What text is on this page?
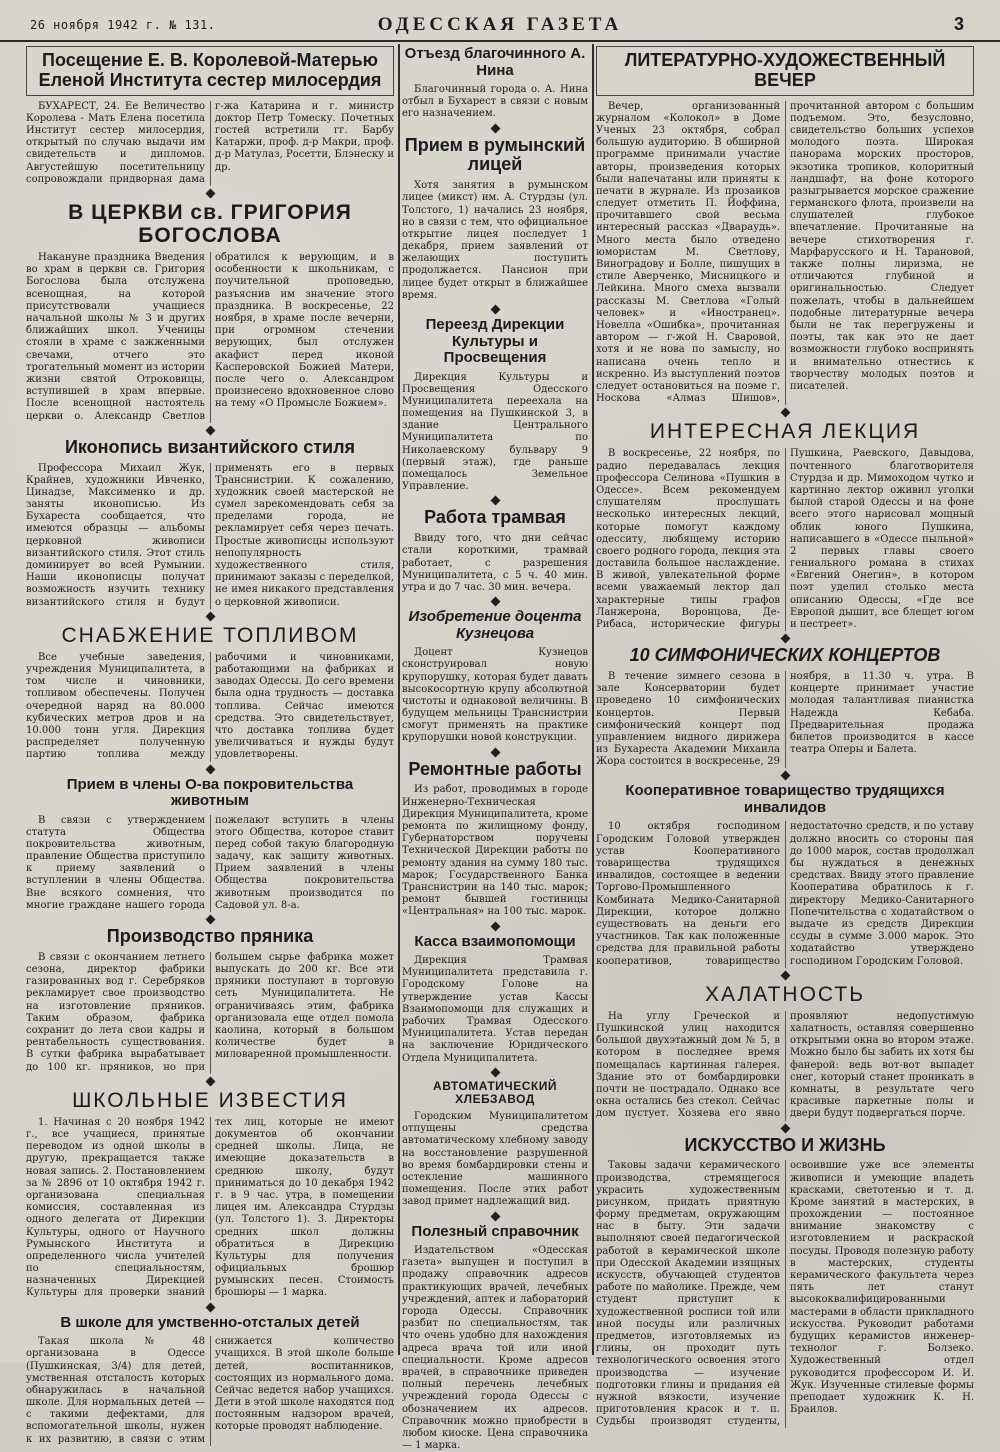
26 ноября 1942 г. № 131.	ОДЕССКАЯ ГАЗЕТА	3
Посещение Е. В. Королевой-Матерью Еленой Института сестер милосердия

БУХАРЕСТ, 24. Ее Величество Королева - Мать Елена посетила Институт сестер милосердия, открытый по случаю выдачи им свидетельств и дипломов. Августейшую посетительницу сопровождали придворная дама г-жа Катарина и г. министр доктор Петр Томеску. Почетных гостей встретили гг. Барбу Катаржи, проф. д-р Макри, проф. д-р Матулаз, Росетти, Блэнеску и др.

В ЦЕРКВИ св. ГРИГОРИЯ БОГОСЛОВА

Накануне праздника Введения во храм в церкви св. Григория Богослова была отслужена всенощная, на которой присутствовали учащиеся начальной школы № 3 и других ближайших школ. Ученицы стояли в храме с зажженными свечами, отчего это трогательный момент из истории жизни святой Отроковицы, вступившей в храм впервые. После всенощной настоятель церкви о. Александр Светлов обратился к верующим, и в особенности к школьникам, с поучительной проповедью, разъяснив им значение этого праздника. В воскресенье, 22 ноября, в храме после вечерни, при огромном стечении верующих, был отслужен акафист перед иконой Касперовской Божией Матери, после чего о. Александром произнесено вдохновенное слово на тему «О Промысле Божием».

Иконопись византийского стиля

Профессора Михаил Жук, Крайнев, художники Ивченко, Цинадзе, Максименко и др. заняты иконописью. Из Бухареста сообщается, что имеются образцы — альбомы церковной живописи византийского стиля. Этот стиль доминирует во всей Румынии. Наши иконописцы получат возможность изучить технику византийского стиля и будут применять его в первых Транснистрии. К сожалению, художник своей мастерской не сумел зарекомендовать себя за пределами города, не рекламирует себя через печать. Простые живописцы используют непопулярность художественного стиля, принимают заказы с переделкой, не имея никакого представления о церковной живописи.

СНАБЖЕНИЕ ТОПЛИВОМ

Все учебные заведения, учреждения Муниципалитета, в том числе и чиновники, топливом обеспечены. Получен очередной наряд на 80.000 кубических метров дров и на 10.000 тонн угля. Дирекция распределяет полученную партию топлива между рабочими и чиновниками, работающими на фабриках и заводах Одессы. До сего времени была одна трудность — доставка топлива. Сейчас имеются средства. Это свидетельствует, что доставка топлива будет увеличиваться и нужды будут удовлетворены.

Прием в члены О-ва покровительства животным

В связи с утверждением статута Общества покровительства животным, правление Общества приступило к приему заявлений о вступлении в члены Общества. Вне всякого сомнения, что многие граждане нашего города пожелают вступить в члены этого Общества, которое ставит перед собой такую благородную задачу, как защиту животных. Прием заявлений в члены Общества покровительства животным производится по Садовой ул. 8-а.

Производство пряника

В связи с окончанием летнего сезона, директор фабрики газированных вод г. Серебряков рекламирует свое производство на изготовление пряников. Таким образом, фабрика сохранит до лета свои кадры и рентабельность существования. В сутки фабрика вырабатывает до 100 кг. пряников, но при большем сырье фабрика может выпускать до 200 кг. Все эти пряники поступают в торговую сеть Муниципалитета. Не ограничиваясь этим, фабрика организовала еще отдел помола каолина, который в большом количестве будет в миловаренной промышленности.

ШКОЛЬНЫЕ ИЗВЕСТИЯ

1. Начиная с 20 ноября 1942 г., все учащиеся, принятые переводом из одной школы в другую, прекращается также новая запись. 2. Постановлением за № 2896 от 10 октября 1942 г. организована специальная комиссия, составленная из одного делегата от Дирекции Культуры, одного от Научного Румынского Института и определенного числа учителей по специальностям, назначенных Дирекцией Культуры для проверки знаний тех лиц, которые не имеют документов об окончании средней школы. Лица, не имеющие доказательств в среднюю школу, будут приниматься до 10 декабря 1942 г. в 9 час. утра, в помещении лицея им. Александра Стурдзы (ул. Толстого 1). 3. Директоры средних школ должны обратиться в Дирекцию Культуры для получения официальных брошюр румынских песен. Стоимость брошюры — 1 марка.

В школе для умственно-отсталых детей

Такая школа № 48 организована в Одессе (Пушкинская, 3/4) для детей, умственная отсталость которых обнаружилась в начальной школе. Для нормальных детей — с такими дефектами, для вспомогательной школы, нужен к их развитию, в связи с этим снижается количество учащихся. В этой школе больше детей, воспитанников, состоящих из нормального дома. Сейчас ведется набор учащихся. Дети в этой школе находятся под постоянным надзором врачей, которые проводят наблюдение.

Отъезд благочинного А. Нина

Благочинный города о. А. Нина отбыл в Бухарест в связи с новым его назначением.

Прием в румынский лицей

Хотя занятия в румынском лицее (микст) им. А. Стурдзы (ул. Толстого, 1) начались 23 ноября, но в связи с тем, что официальное открытие лицея последует 1 декабря, прием заявлений от желающих поступить продолжается. Пансион при лицее будет открыт в ближайшее время.

Переезд Дирекции Культуры и Просвещения

Дирекция Культуры и Просвещения Одесского Муниципалитета переехала на помещения на Пушкинской 3, в здание Центрального Муниципалитета по Николаевскому бульвару 9 (первый этаж), где раньше помещалось Земельное Управление.

Работа трамвая

Ввиду того, что дни сейчас стали короткими, трамвай работает, с разрешения Муниципалитета, с 5 ч. 40 мин. утра и до 7 час. 30 мин. вечера.

Изобретение доцента Кузнецова

Доцент Кузнецов сконструировал новую крупорушку, которая будет давать высокосортную крупу абсолютной чистоты и однаковой величины. В будущем мельницы Транснистрии смогут применять на практике крупорушки новой конструкции.

Ремонтные работы

Из работ, проводимых в городе Инженерно-Техническая Дирекция Муниципалитета, кроме ремонта по жилищному фонду, Губернаторством поручены Технической Дирекции работы по ремонту здания на сумму 180 тыс. марок; Государственного Банка Транснистрии на 140 тыс. марок; ремонт бывшей гостиницы «Центральная» на 100 тыс. марок.

Касса взаимопомощи

Дирекция Трамвая Муниципалитета представила г. Городскому Голове на утверждение устав Кассы Взаимопомощи для служащих и рабочих Трамвая Одесского Муниципалитета. Устав передан на заключение Юридического Отдела Муниципалитета.

АВТОМАТИЧЕСКИЙ ХЛЕБЗАВОД

Городским Муниципалитетом отпущены средства автоматическому хлебному заводу на восстановление разрушенной во время бомбардировки стены и остекление машинного помещения. После этих работ завод примет надлежащий вид.

Полезный справочник

Издательством «Одесская газета» выпущен и поступил в продажу справочник адресов практикующих врачей, лечебных учреждений, аптек и лабораторий города Одессы. Справочник разбит по специальностям, так что очень удобно для нахождения адреса врача той или иной специальности. Кроме адресов врачей, в справочнике приведен полный перечень лечебных учреждений города Одессы с обозначением их адресов. Справочник можно приобрести в любом киоске. Цена справочника — 1 марка.

ЛИТЕРАТУРНО-ХУДОЖЕСТВЕННЫЙ ВЕЧЕР

Вечер, организованный журналом «Колокол» в Доме Ученых 23 октября, собрал большую аудиторию. В обширной программе принимали участие авторы, произведения которых были напечатаны или приняты к печати в журнале. Из прозаиков следует отметить П. Йоффина, прочитавшего свой весьма интересный рассказ «Двараудь». Много места было отведено юмористам М. Светлову, Виноградову и Болле, пишущих в стиле Аверченко, Мисницкого и Лейкина. Много смеха вызвали рассказы М. Светлова «Голый человек» и «Иностранец». Новелла «Ошибка», прочитанная автором — г-жой Н. Сваровой, хотя и не нова по замыслу, но написана очень тепло и искренно. Из выступлений поэтов следует остановиться на поэме г. Носкова «Алмаз Шишов», прочитанной автором с большим подъемом. Это, безусловно, свидетельство больших успехов молодого поэта. Широкая панорама морских просторов, экзотика тропиков, колоритный ландшафт, на фоне которого разыгрывается морское сражение германского флота, произвели на слушателей глубокое впечатление. Прочитанные на вечере стихотворения г. Марфарусского и Н. Тарановой, также полны лиризма, не отличаются глубиной и оригинальностью. Следует пожелать, чтобы в дальнейшем подобные литературные вечера были не так перегружены и поэты, так как это не дает возможности глубоко воспринять и внимательно отнестись к творчеству молодых поэтов и писателей.

ИНТЕРЕСНАЯ ЛЕКЦИЯ

В воскресенье, 22 ноября, по радио передавалась лекция профессора Селинова «Пушкин в Одессе». Всем рекомендуем слушателям прослушать несколько интересных лекций, которые помогут каждому одесситу, любящему историю своего родного города, лекция эта доставила большое наслаждение. В живой, увлекательной форме всеми уважаемый лектор дал характерные типы графов Ланжерона, Воронцова, Де-Рибаса, исторические фигуры Пушкина, Раевского, Давыдова, почтенного благотворителя Стурдза и др. Мимоходом чутко и картинно лектор оживил уголки былой старой Одессы и на фоне всего этого нарисовал мощный облик юного Пушкина, написавшего в «Одессе пыльной» 2 первых главы своего гениального романа в стихах «Евгений Онегин», в котором поэт уделил столько места описанию Одессы, «Где все Европой дышит, все блещет югом и пестреет».

10 СИМФОНИЧЕСКИХ КОНЦЕРТОВ

В течение зимнего сезона в зале Консерватории будет проведено 10 симфонических концертов. Первый симфонический концерт под управлением видного дирижера из Бухареста Академии Михаила Жора состоится в воскресенье, 29 ноября, в 11.30 ч. утра. В концерте принимает участие молодая талантливая пианистка Надежда Кебаба. Предварительная продажа билетов производится в кассе театра Оперы и Балета.

Кооперативное товарищество трудящихся инвалидов

10 октября господином Городским Головой утвержден устав Кооперативного товарищества трудящихся инвалидов, состоящее в ведении Торгово-Промышленного Комбината Медико-Санитарной Дирекции, которое должно существовать на деньги его участников. Так как положенные средства для правильной работы кооперативов, товарищество недостаточно средств, и по уставу должно вносить со стороны пая до 1000 марок, состав продолжал бы нуждаться в денежных средствах. Ввиду этого правление Кооператива обратилось к г. директору Медико-Санитарного Попечительства с ходатайством о выдаче из средств Дирекции ссуды в сумме 3.000 марок. Это ходатайство утверждено господином Городским Головой.

ХАЛАТНОСТЬ

На углу Греческой и Пушкинской улиц находится большой двухэтажный дом № 5, в котором в последнее время помещалась картинная галерея. Здание это от бомбардировки почти не пострадало. Однако все окна остались без стекол. Сейчас дом пустует. Хозяева его явно проявляют недопустимую халатность, оставляя совершенно открытыми окна во втором этаже. Можно было бы забить их хотя бы фанерой: ведь вот-вот выпадет снег, который станет проникать в комнаты, в результате чего красивые паркетные полы и двери будут подвергаться порче.

ИСКУССТВО И ЖИЗНЬ

Таковы задачи керамического производства, стремящегося украсить художественным рисунком, придать приятную форму предметам, окружающим нас в быту. Эти задачи выполняют своей педагогической работой в керамической школе при Одесской Академии изящных искусств, обучающей студентов работе по майолике. Прежде, чем студент приступит к художественной росписи той или иной посуды или различных предметов, изготовляемых из глины, он проходит путь технологического освоения этого производства — изучение подготовки глины и придания ей нужной вязкости, изучение приготовления красок и т. п. Судьбы производят студенты, освоившие уже все элементы живописи и умеющие владеть красками, светотенью и т. д. Кроме занятий в мастерских, в прохождении — постоянное внимание знакомству с изготовлением и раскраской посуды. Проводя полезную работу в мастерских, студенты керамического факультета через пять лет станут высококвалифицированными мастерами в области прикладного искусства. Руководит работами будущих керамистов инженер-технолог г. Болзеко. Художественный отдел руководится профессором И. И. Жук. Изученные стилевые формы преподает художник К. Н. Браилов.
